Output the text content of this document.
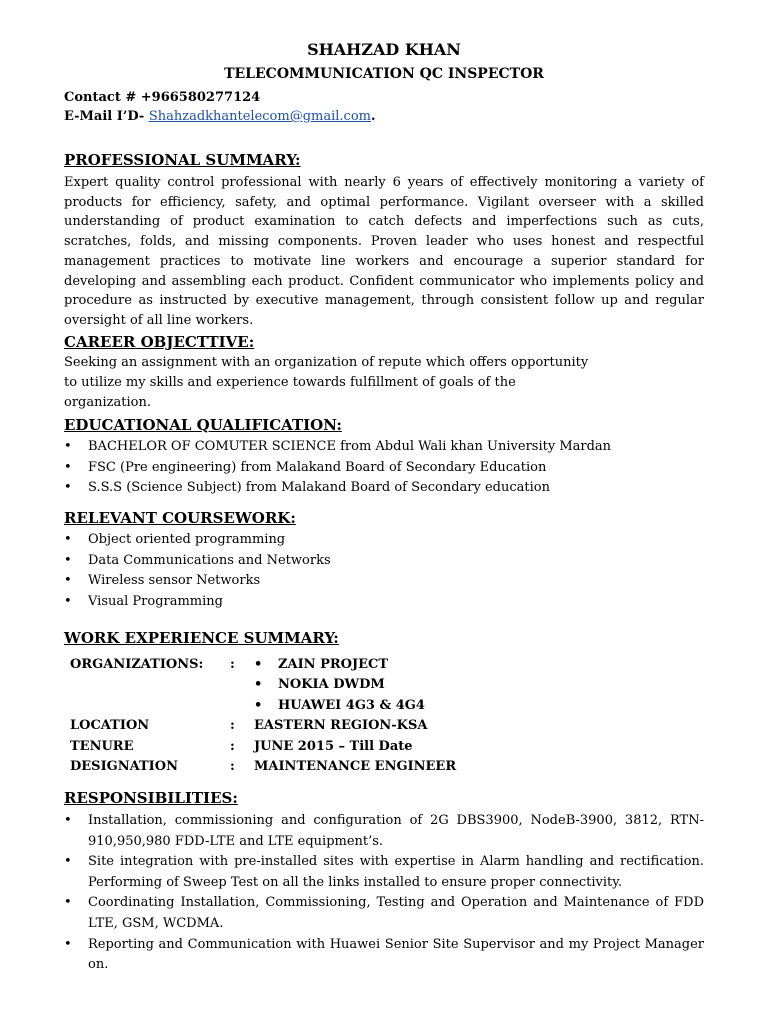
SHAHZAD KHAN
TELECOMMUNICATION QC INSPECTOR
Contact # +966580277124
E-Mail I’D- Shahzadkhantelecom@gmail.com.
PROFESSIONAL SUMMARY:
Expert quality control professional with nearly 6 years of effectively monitoring a variety of products for efficiency, safety, and optimal performance. Vigilant overseer with a skilled understanding of product examination to catch defects and imperfections such as cuts, scratches, folds, and missing components. Proven leader who uses honest and respectful management practices to motivate line workers and encourage a superior standard for developing and assembling each product. Confident communicator who implements policy and procedure as instructed by executive management, through consistent follow up and regular oversight of all line workers.
CAREER OBJECTTIVE:
Seeking an assignment with an organization of repute which offers opportunity
to utilize my skills and experience towards fulfillment of goals of the
organization.
EDUCATIONAL QUALIFICATION:
• BACHELOR OF COMUTER SCIENCE from Abdul Wali khan University Mardan
• FSC (Pre engineering) from Malakand Board of Secondary Education
• S.S.S (Science Subject) from Malakand Board of Secondary education
RELEVANT COURSEWORK:
• Object oriented programming
• Data Communications and Networks
• Wireless sensor Networks
• Visual Programming
WORK EXPERIENCE SUMMARY:
ORGANIZATIONS: : • ZAIN PROJECT
• NOKIA DWDM
• HUAWEI 4G3 & 4G4
LOCATION	: EASTERN REGION-KSA
TENURE	: JUNE 2015 – Till Date
DESIGNATION	: MAINTENANCE ENGINEER
RESPONSIBILITIES:
• Installation, commissioning and configuration of 2G DBS3900, NodeB-3900, 3812, RTN-910,950,980 FDD-LTE and LTE equipment’s.
• Site integration with pre-installed sites with expertise in Alarm handling and rectification. Performing of Sweep Test on all the links installed to ensure proper connectivity.
• Coordinating Installation, Commissioning, Testing and Operation and Maintenance of FDD LTE, GSM, WCDMA.
• Reporting and Communication with Huawei Senior Site Supervisor and my Project Manager on.
